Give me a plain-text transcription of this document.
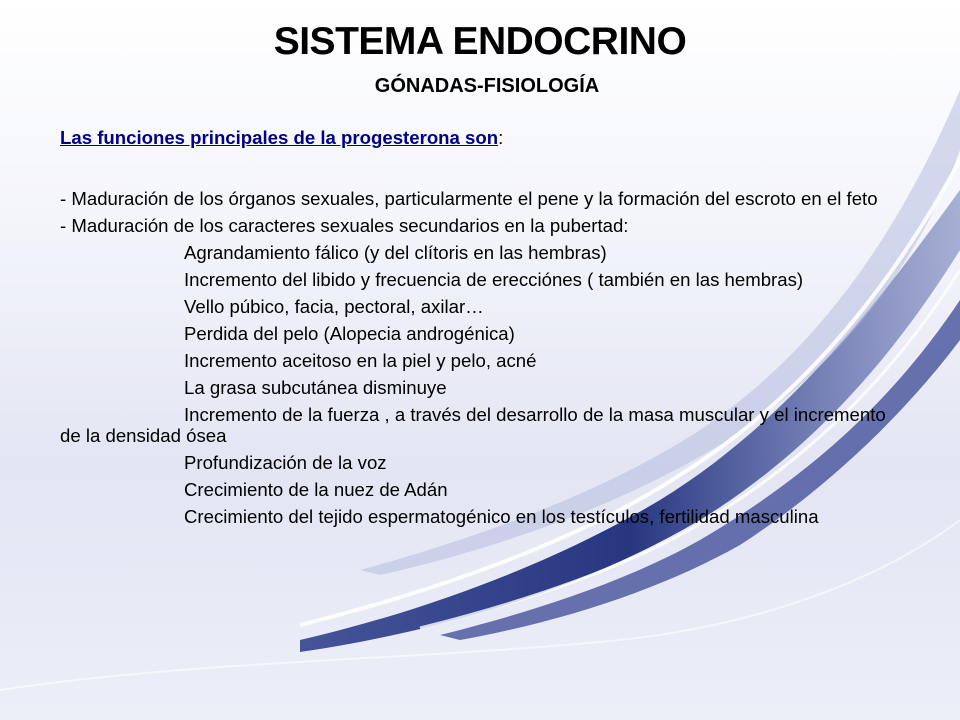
SISTEMA ENDOCRINO
GÓNADAS-FISIOLOGÍA

Las funciones principales de la progesterona son:

- Maduración de los órganos sexuales, particularmente el pene y la formación del escroto en el feto

- Maduración de los caracteres sexuales secundarios en la pubertad:

Agrandamiento fálico (y del clítoris en las hembras)

Incremento del libido y frecuencia de erecciónes ( también en las hembras)

Vello púbico, facia, pectoral, axilar…

Perdida del pelo (Alopecia androgénica)

Incremento aceitoso en la piel y pelo, acné

La grasa subcutánea disminuye

Incremento de la fuerza , a través del desarrollo de la masa muscular y el incremento de la densidad ósea

Profundización de la voz

Crecimiento de la nuez de Adán

Crecimiento del tejido espermatogénico en los testículos, fertilidad masculina
